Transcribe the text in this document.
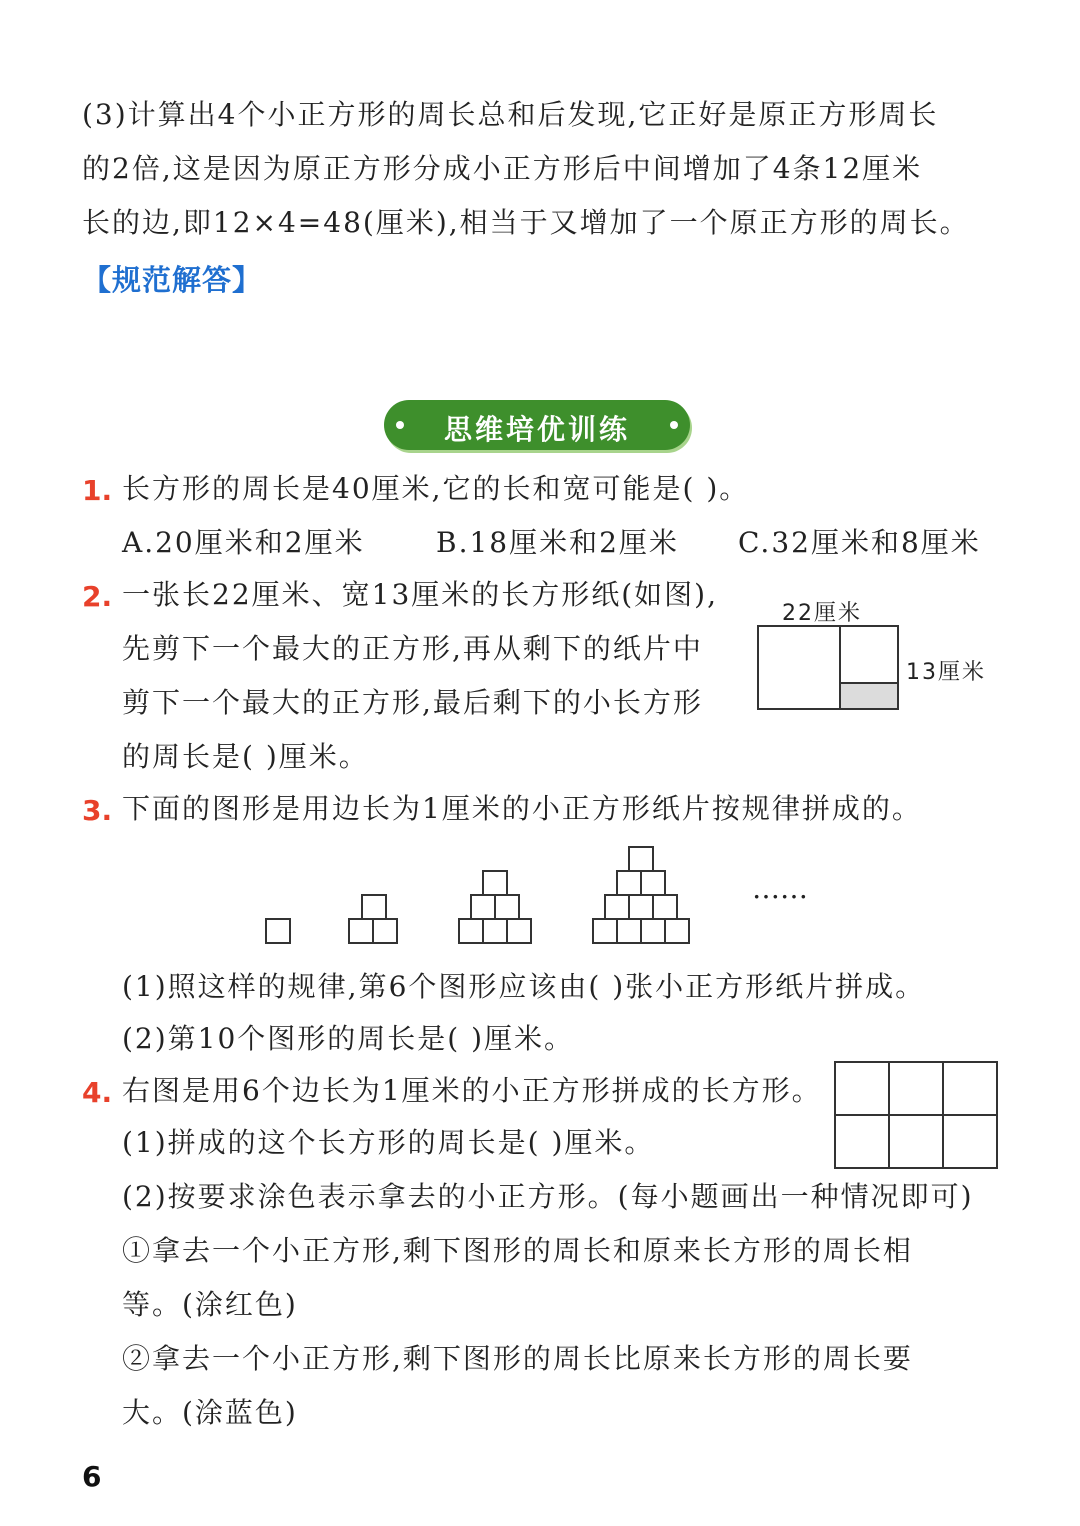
(3)计算出4个小正方形的周长总和后发现,它正好是原正方形周长
的2倍,这是因为原正方形分成小正方形后中间增加了4条12厘米
长的边,即12×4=48(厘米),相当于又增加了一个原正方形的周长。
【规范解答】
思维培优训练
1. 长方形的周长是40厘米,它的长和宽可能是( )。
A.20厘米和2厘米	B.18厘米和2厘米 C.32厘米和8厘米
2. 一张长22厘米、宽13厘米的长方形纸(如图),
先剪下一个最大的正方形,再从剩下的纸片中
剪下一个最大的正方形,最后剩下的小长方形
的周长是( )厘米。
22厘米
13厘米
3. 下面的图形是用边长为1厘米的小正方形纸片按规律拼成的。
……
(1)照这样的规律,第6个图形应该由( )张小正方形纸片拼成。
(2)第10个图形的周长是( )厘米。
4. 右图是用6个边长为1厘米的小正方形拼成的长方形。
(1)拼成的这个长方形的周长是( )厘米。
(2)按要求涂色表示拿去的小正方形。(每小题画出一种情况即可)
①拿去一个小正方形,剩下图形的周长和原来长方形的周长相
等。(涂红色)
②拿去一个小正方形,剩下图形的周长比原来长方形的周长要
大。(涂蓝色)
6
